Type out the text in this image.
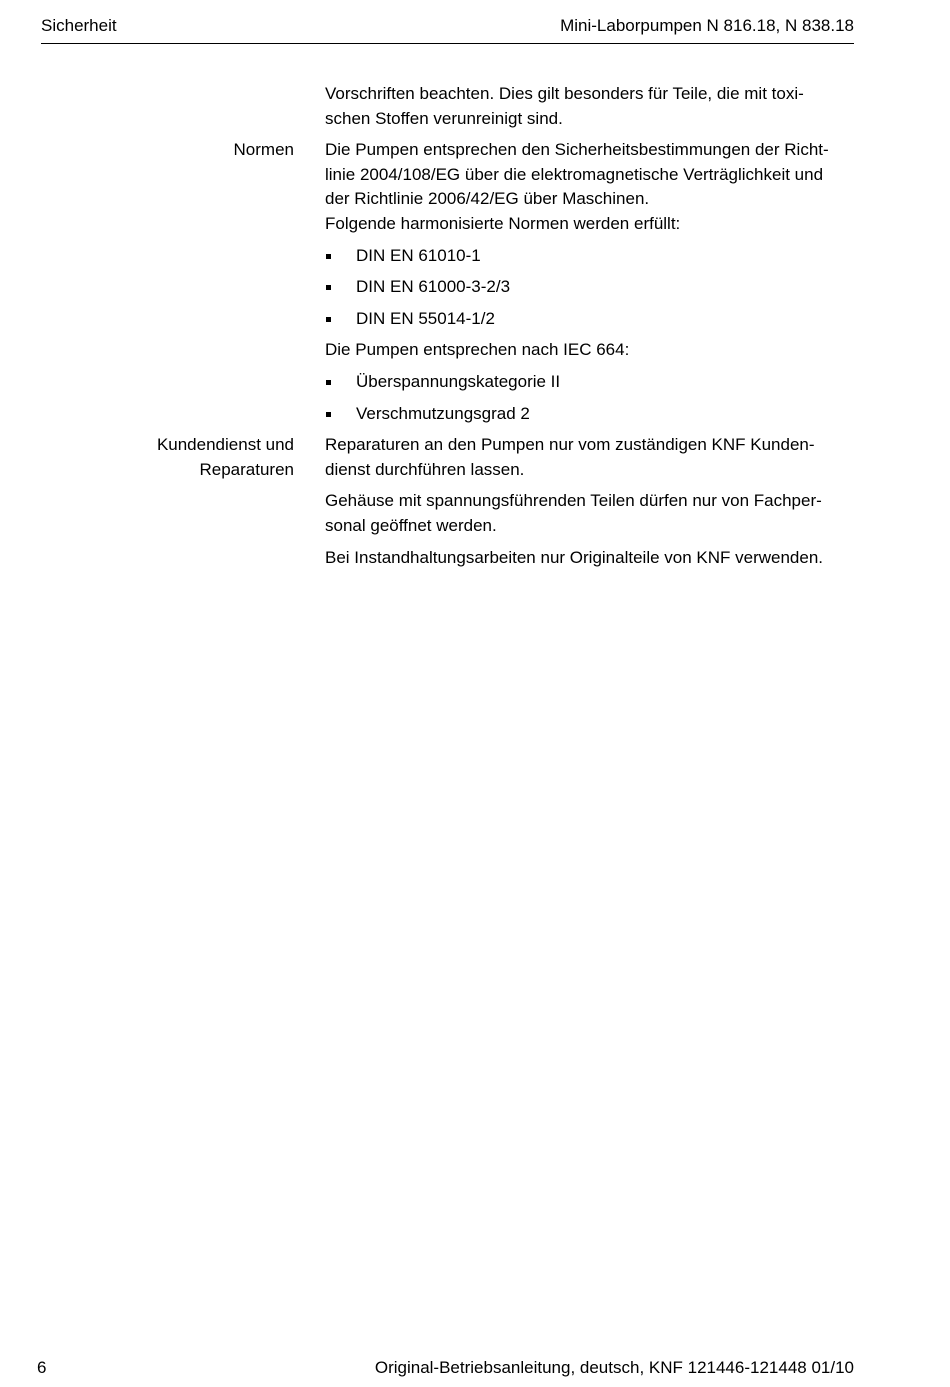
Sicherheit	Mini-Laborpumpen N 816.18, N 838.18

Vorschriften beachten. Dies gilt besonders für Teile, die mit toxi-
schen Stoffen verunreinigt sind.

Normen Die Pumpen entsprechen den Sicherheitsbestimmungen der Richt-
linie 2004/108/EG über die elektromagnetische Verträglichkeit und
der Richtlinie 2006/42/EG über Maschinen.
Folgende harmonisierte Normen werden erfüllt:

DIN EN 61010-1
DIN EN 61000-3-2/3
DIN EN 55014-1/2

Die Pumpen entsprechen nach IEC 664:

Überspannungskategorie II
Verschmutzungsgrad 2
Kundendienst und
Reparaturen

Reparaturen an den Pumpen nur vom zuständigen KNF Kunden-
dienst durchführen lassen.

Gehäuse mit spannungsführenden Teilen dürfen nur von Fachper-
sonal geöffnet werden.

Bei Instandhaltungsarbeiten nur Originalteile von KNF verwenden.

6	Original-Betriebsanleitung, deutsch, KNF 121446-121448 01/10
